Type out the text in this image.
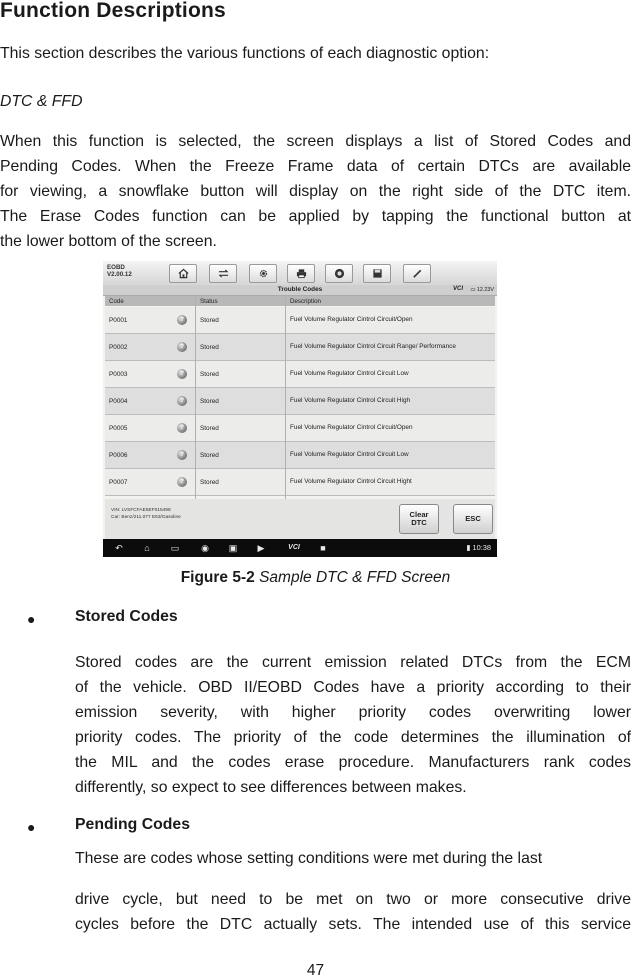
Function Descriptions
This section describes the various functions of each diagnostic option:
DTC & FFD
When this function is selected, the screen displays a list of Stored Codes and
Pending Codes. When the Freeze Frame data of certain DTCs are available
for viewing, a snowflake button will display on the right side of the DTC item.
The Erase Codes function can be applied by tapping the functional button at
the lower bottom of the screen.
EOBD
V2.00.12
Trouble Codes	VCI ▭ 12.23V
Code	Status	Description
P0001	?	Stored	Fuel Volume Regulator Cintrol Circuit/Open
P0002	?	Stored	Fuel Volume Regulator Cintrol Circuit Range/ Performance
P0003	?	Stored	Fuel Volume Regulator Cintrol Circuit Low
P0004	?	Stored	Fuel Volume Regulator Cintrol Circuit High
P0005	?	Stored	Fuel Volume Regulator Cintrol Circuit/Open
P0006	?	Stored	Fuel Volume Regulator Cintrol Circuit Low
P0007	?	Stored	Fuel Volume Regulator Cintrol Circuit Hight
VIN: LVSFCFAE5EF015498
Car: Benz/211.077 E63/Gasoline	Clear
DTC	ESC
↶	⌂	▭ ◉ ▣ ▶	VCI	■	▮ 10:38
Figure 5-2 Sample DTC & FFD Screen
●	Stored Codes
Stored codes are the current emission related DTCs from the ECM
of the vehicle. OBD II/EOBD Codes have a priority according to their
emission severity, with higher priority codes overwriting lower
priority codes. The priority of the code determines the illumination of
the MIL and the codes erase procedure. Manufacturers rank codes
differently, so expect to see differences between makes.
●	Pending Codes
These are codes whose setting conditions were met during the last
drive cycle, but need to be met on two or more consecutive drive
cycles before the DTC actually sets. The intended use of this service
47
